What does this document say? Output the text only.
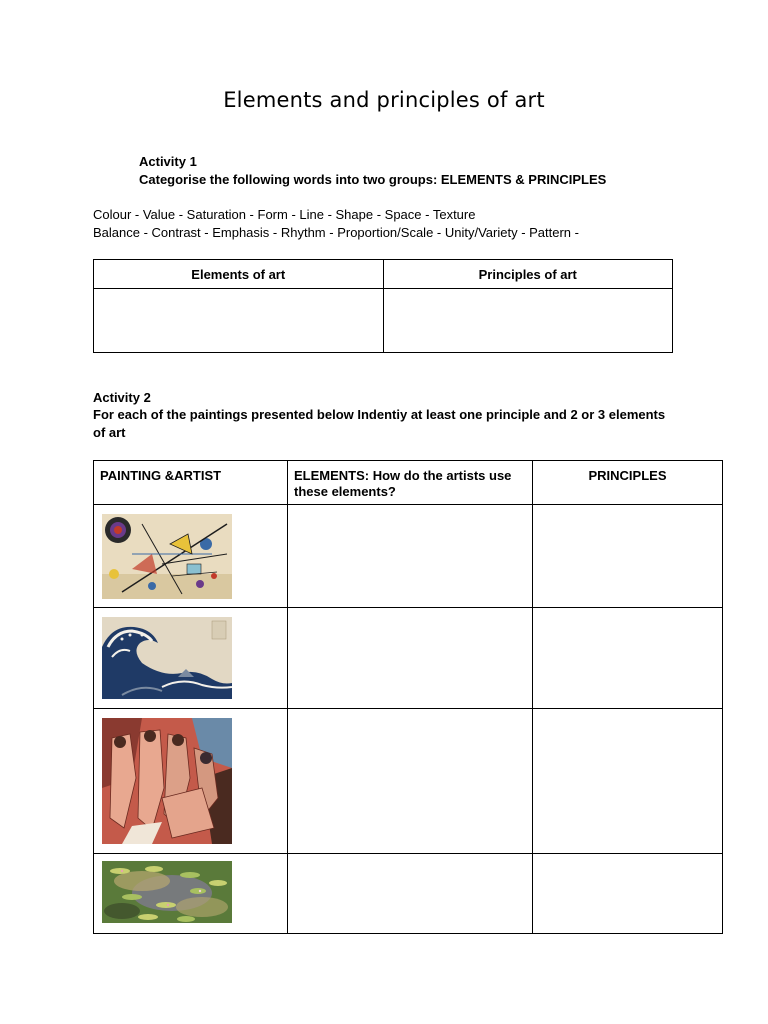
Elements and principles of art
Activity 1
Categorise the following words into two groups: ELEMENTS & PRINCIPLES
Colour - Value - Saturation - Form - Line - Shape - Space - Texture
Balance - Contrast - Emphasis - Rhythm - Proportion/Scale - Unity/Variety - Pattern -
Elements of art	Principles of art

Activity 2
For each of the paintings presented below Indentiy at least one principle and 2 or 3 elements of art
PAINTING &ARTIST	ELEMENTS: How do the artists use these elements?	PRINCIPLES
